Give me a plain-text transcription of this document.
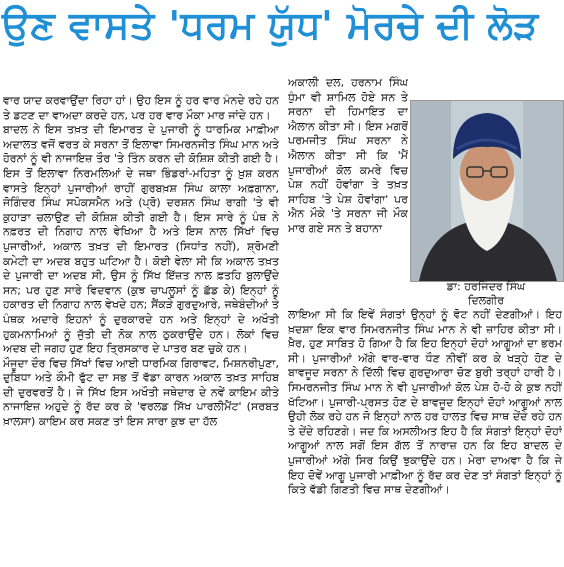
ਉਣ ਵਾਸਤੇ 'ਧਰਮ ਯੁੱਧ' ਮੋਰਚੇ ਦੀ ਲੋੜ

ਵਾਰ ਯਾਦ ਕਰਵਾਉਂਦਾ ਰਿਹਾ ਹਾਂ। ਉਹ ਇਸ ਨੂੰ ਹਰ ਵਾਰ ਮੰਨਦੇ ਰਹੇ ਹਨ ਤੇ ਡਟਣ ਦਾ ਵਾਅਦਾ ਕਰਦੇ ਹਨ, ਪਰ ਹਰ ਵਾਰ ਮੌਕਾ ਮਾਰ ਜਾਂਦੇ ਹਨ।

ਬਾਦਲ ਨੇ ਇਸ ਤਖ਼ਤ ਦੀ ਇਮਾਰਤ ਦੇ ਪੁਜਾਰੀ ਨੂੰ ਧਾਰਮਿਕ ਮਾਫ਼ੀਆ ਅਦਾਲਤ ਵਜੋਂ ਵਰਤ ਕੇ ਸਰਨਾ ਤੋਂ ਇਲਾਵਾ ਸਿਮਰਨਜੀਤ ਸਿੰਘ ਮਾਨ ਅਤੇ ਹੋਰਨਾਂ ਨੂੰ ਵੀ ਨਾਜਾਇਜ਼ ਤੌਰ 'ਤੇ ਤਿੰਨ ਕਰਨ ਦੀ ਕੋਸ਼ਿਸ਼ ਕੀਤੀ ਗਈ ਹੈ। ਇਸ ਤੋਂ ਇਲਾਵਾ ਨਿਰਮਲਿਆਂ ਦੇ ਜਥਾ ਭਿੰਡਰਾਂ-ਮਹਿਤਾ ਨੂੰ ਖ਼ੁਸ਼ ਕਰਨ ਵਾਸਤੇ ਇਨ੍ਹਾਂ ਪੁਜਾਰੀਆਂ ਰਾਹੀਂ ਗੁਰਬਖ਼ਸ਼ ਸਿੰਘ ਕਾਲਾ ਅਫ਼ਗਾਨਾ, ਜੋਗਿੰਦਰ ਸਿੰਘ ਸਪੋਕਸਮੈਨ ਅਤੇ (ਪ੍ਰੋ) ਦਰਸ਼ਨ ਸਿੰਘ ਰਾਗੀ 'ਤੇ ਵੀ ਕੁਹਾੜਾ ਚਲਾਉਣ ਦੀ ਕੋਸ਼ਿਸ਼ ਕੀਤੀ ਗਈ ਹੈ। ਇਸ ਸਾਰੇ ਨੂੰ ਪੰਥ ਨੇ ਨਫ਼ਰਤ ਦੀ ਨਿਗਾਹ ਨਾਲ ਵੇਖਿਆ ਹੈ ਅਤੇ ਇਸ ਨਾਲ ਸਿੱਖਾਂ ਵਿਚ ਪੁਜਾਰੀਆਂ, ਅਕਾਲ ਤਖ਼ਤ ਦੀ ਇਮਾਰਤ (ਸਿਧਾਂਤ ਨਹੀਂ), ਸ਼੍ਰੋਮਣੀ ਕਮੇਟੀ ਦਾ ਅਦਬ ਬਹੁਤ ਘਟਿਆ ਹੈ। ਕੋਈ ਵੇਲਾ ਸੀ ਕਿ ਅਕਾਲ ਤਖ਼ਤ ਦੇ ਪੁਜਾਰੀ ਦਾ ਅਦਬ ਸੀ, ਉਸ ਨੂੰ ਸਿੱਖ ਇੱਜ਼ਤ ਨਾਲ ਫ਼ਤਹਿ ਬੁਲਾਉਂਦੇ ਸਨ; ਪਰ ਹੁਣ ਸਾਰੇ ਵਿਦਵਾਨ (ਕੁਝ ਚਾਪਲੂਸਾਂ ਨੂੰ ਛੱਡ ਕੇ) ਇਨ੍ਹਾਂ ਨੂੰ ਹਕਾਰਤ ਦੀ ਨਿਗਾਹ ਨਾਲ ਵੇਖਦੇ ਹਨ; ਸੈਂਕੜੇ ਗੁਰਦੁਆਰੇ, ਜਥੇਬੰਦੀਆਂ ਤੇ ਪੰਥਕ ਅਦਾਰੇ ਇਹਨਾਂ ਨੂੰ ਦੁਰਕਾਰਦੇ ਹਨ ਅਤੇ ਇਨ੍ਹਾਂ ਦੇ ਅਖੌਤੀ ਹੁਕਮਨਾਮਿਆਂ ਨੂੰ ਜੁੱਤੀ ਦੀ ਨੋਕ ਨਾਲ ਠੁਕਰਾਉਂਦੇ ਹਨ। ਲੋਕਾਂ ਵਿਚ ਅਦਬ ਦੀ ਜਗਹ ਹੁਣ ਇਹ ਤ੍ਰਿਸਕਾਰ ਦੇ ਪਾਤਰ ਬਣ ਚੁਕੇ ਹਨ।

ਮੌਜੂਦਾ ਦੌਰ ਵਿਚ ਸਿੱਖਾਂ ਵਿਚ ਆਈ ਧਾਰਮਿਕ ਗਿਰਾਵਟ, ਮਿਸ਼ਨਰੀਪੁਣਾ, ਦੁਬਿਧਾ ਅਤੇ ਕੌਮੀ ਫੁੱਟ ਦਾ ਸਭ ਤੋਂ ਵੱਡਾ ਕਾਰਨ ਅਕਾਲ ਤਖ਼ਤ ਸਾਹਿਬ ਦੀ ਦੁਰਵਰਤੋਂ ਹੈ। ਜੇ ਸਿੱਖ ਇਸ ਅਖੌਤੀ ਜਥੇਦਾਰ ਦੇ ਨਵੇਂ ਕਾਇਮ ਕੀਤੇ ਨਾਜਾਇਜ਼ ਅਹੁਦੇ ਨੂੰ ਰੱਦ ਕਰ ਕੇ 'ਵਰਲਡ ਸਿੱਖ ਪਾਰਲੀਮੈਂਟ' (ਸਰਬਤ ਖ਼ਾਲਸਾ) ਕਾਇਮ ਕਰ ਸਕਣ ਤਾਂ ਇਸ ਸਾਰਾ ਕੁਝ ਦਾ ਹੱਲ

ਅਕਾਲੀ ਦਲ, ਹਰਨਾਮ ਸਿੰਘ ਧੁੰਮਾ ਵੀ ਸ਼ਾਮਿਲ ਹੋਏ ਸਨ ਤੇ ਸਰਨਾ ਦੀ ਹਿਮਾਇਤ ਦਾ ਐਲਾਨ ਕੀਤਾ ਸੀ। ਇਸ ਮਗਰੋਂ ਪਰਮਜੀਤ ਸਿੰਘ ਸਰਨਾ ਨੇ ਐਲਾਨ ਕੀਤਾ ਸੀ ਕਿ 'ਮੈਂ ਪੁਜਾਰੀਆਂ ਕੋਲ ਕਮਰੇ ਵਿਚ ਪੇਸ਼ ਨਹੀਂ ਹੋਵਾਂਗਾ ਤੇ ਤਖ਼ਤ ਸਾਹਿਬ 'ਤੇ ਪੇਸ਼ ਹੋਵਾਂਗਾ' ਪਰ ਐਨ ਮੌਕੇ 'ਤੇ ਸਰਨਾ ਜੀ ਮੌਕ ਮਾਰ ਗਏ ਸਨ ਤੇ ਬਹਾਨਾ

ਡਾ: ਹਰਜਿੰਦਰ ਸਿੰਘ
ਦਿਲਗੀਰ

ਲਾਇਆ ਸੀ ਕਿ ਇਵੇਂ ਸੰਗਤਾਂ ਉਨ੍ਹਾਂ ਨੂੰ ਵੋਟ ਨਹੀਂ ਦੇਣਗੀਆਂ। ਇਹ ਖ਼ਦਸ਼ਾ ਇਕ ਵਾਰ ਸਿਮਰਨਜੀਤ ਸਿੰਘ ਮਾਨ ਨੇ ਵੀ ਜ਼ਾਹਿਰ ਕੀਤਾ ਸੀ। ਖ਼ੈਰ, ਹੁਣ ਸਾਬਿਤ ਹੋ ਗਿਆ ਹੈ ਕਿ ਇਹ ਇਨ੍ਹਾਂ ਦੋਹਾਂ ਆਗੂਆਂ ਦਾ ਭਰਮ ਸੀ। ਪੁਜਾਰੀਆਂ ਅੱਗੇ ਵਾਰ-ਵਾਰ ਧੌਣ ਨੀਵੀਂ ਕਰ ਕੇ ਖੜ੍ਹੇ ਹੋਣ ਦੇ ਬਾਵਜੂਦ ਸਰਨਾ ਨੇ ਦਿੱਲੀ ਵਿਚ ਗੁਰਦੁਆਰਾ ਚੋਣ ਬੁਰੀ ਤਰ੍ਹਾਂ ਹਾਰੀ ਹੈ। ਸਿਮਰਨਜੀਤ ਸਿੰਘ ਮਾਨ ਨੇ ਵੀ ਪੁਜਾਰੀਆਂ ਕੋਲ ਪੇਸ਼ ਹੋ-ਹੋ ਕੇ ਕੁਝ ਨਹੀਂ ਖੱਟਿਆ। ਪੁਜਾਰੀ-ਪ੍ਰਸਤ ਹੋਣ ਦੇ ਬਾਵਜੂਦ ਇਨ੍ਹਾਂ ਦੋਹਾਂ ਆਗੂਆਂ ਨਾਲ ਉਹੀ ਲੋਕ ਰਹੇ ਹਨ ਜੋ ਇਨ੍ਹਾਂ ਨਾਲ ਹਰ ਹਾਲਤ ਵਿਚ ਸਾਥ ਦੇਂਦੇ ਰਹੇ ਹਨ ਤੇ ਦੇਂਦੇ ਰਹਿਣਗੇ। ਜਦ ਕਿ ਅਸਲੀਅਤ ਇਹ ਹੈ ਕਿ ਸੰਗਤਾਂ ਇਨ੍ਹਾਂ ਦੋਹਾਂ ਆਗੂਆਂ ਨਾਲ ਸਗੋਂ ਇਸ ਗੱਲ ਤੋਂ ਨਾਰਾਜ਼ ਹਨ ਕਿ ਇਹ ਬਾਦਲ ਦੇ ਪੁਜਾਰੀਆਂ ਅੱਗੇ ਸਿਰ ਕਿਉਂ ਝੁਕਾਉਂਦੇ ਹਨ। ਮੇਰਾ ਦਾਅਵਾ ਹੈ ਕਿ ਜੇ ਇਹ ਦੋਵੇਂ ਆਗੂ ਪੁਜਾਰੀ ਮਾਫ਼ੀਆ ਨੂੰ ਰੱਦ ਕਰ ਦੇਣ ਤਾਂ ਸੰਗਤਾਂ ਇਨ੍ਹਾਂ ਨੂੰ ਕਿਤੇ ਵੱਡੀ ਗਿਣਤੀ ਵਿਚ ਸਾਥ ਦੇਣਗੀਆਂ।
